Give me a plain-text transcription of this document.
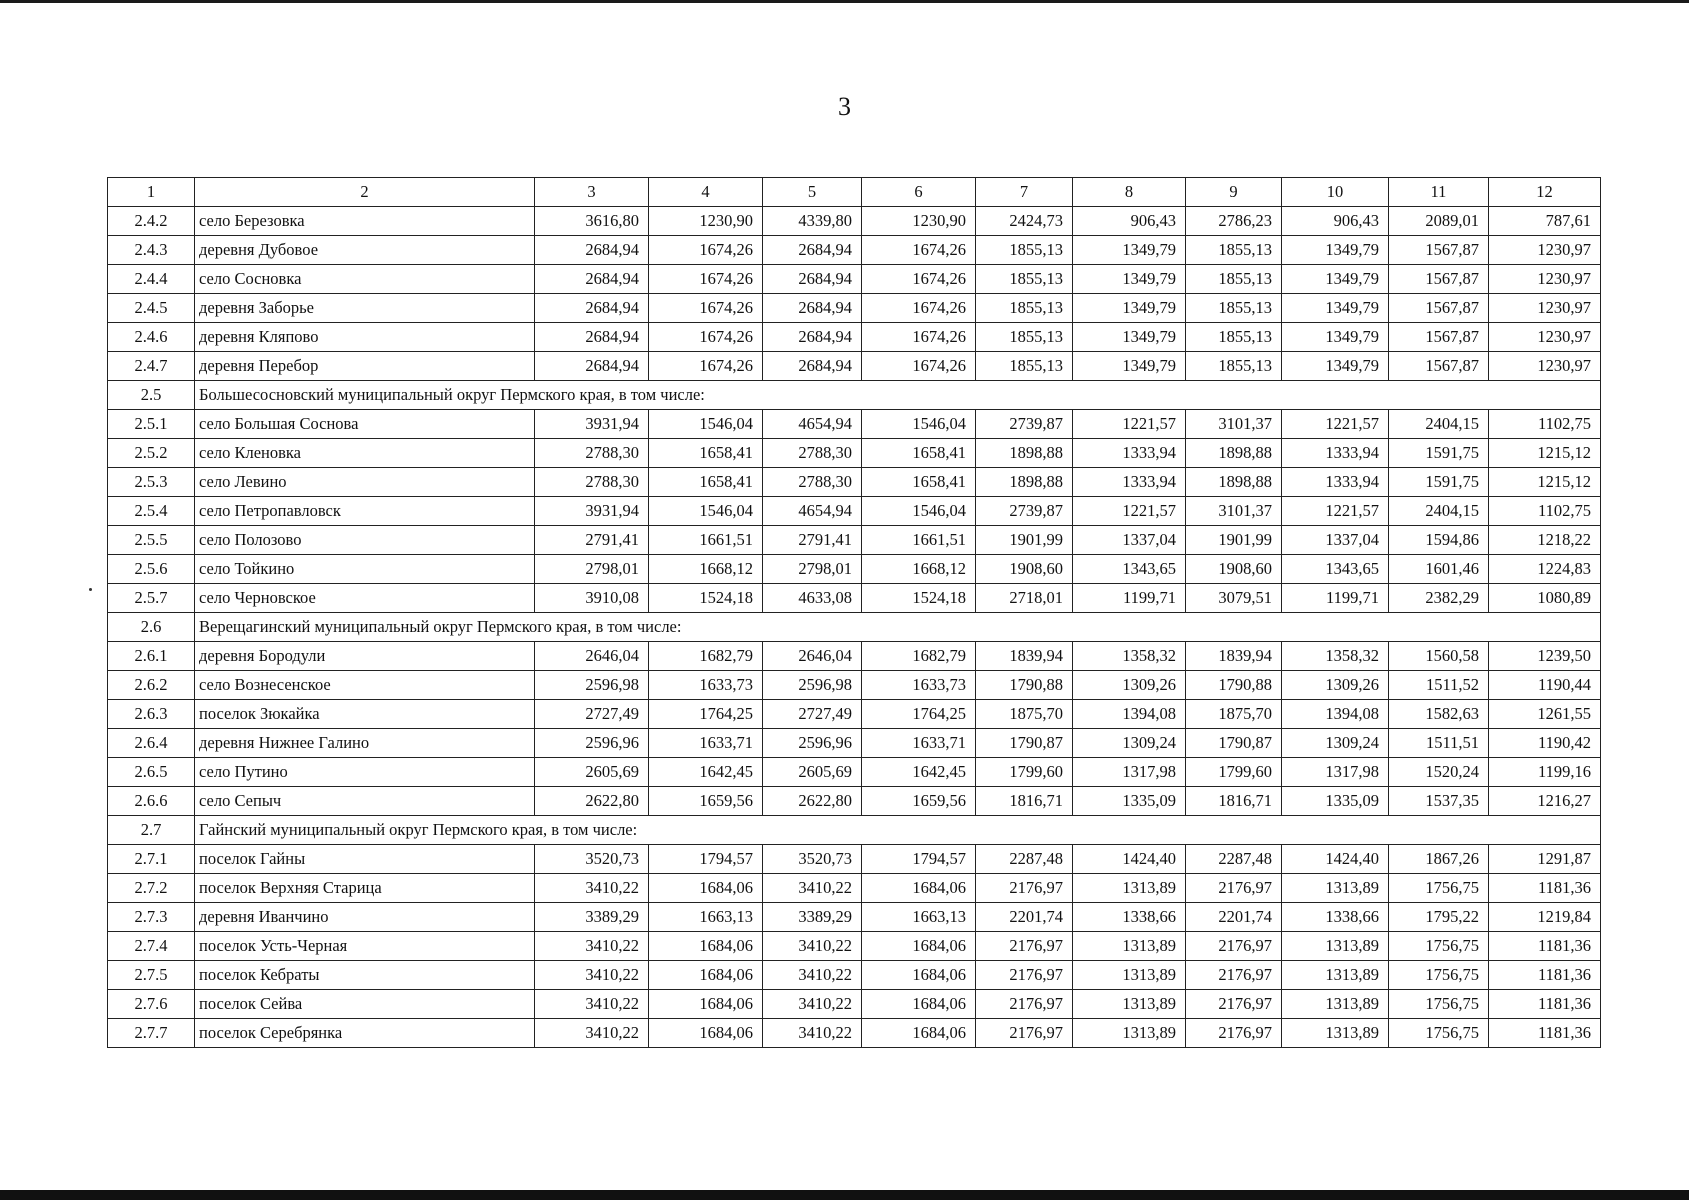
3
1	2	3	4	5	6	7	8	9	10	11	12
2.4.2	село Березовка	3616,80	1230,90	4339,80	1230,90	2424,73	906,43	2786,23	906,43	2089,01	787,61
2.4.3	деревня Дубовое	2684,94	1674,26	2684,94	1674,26	1855,13	1349,79	1855,13	1349,79	1567,87	1230,97
2.4.4	село Сосновка	2684,94	1674,26	2684,94	1674,26	1855,13	1349,79	1855,13	1349,79	1567,87	1230,97
2.4.5	деревня Заборье	2684,94	1674,26	2684,94	1674,26	1855,13	1349,79	1855,13	1349,79	1567,87	1230,97
2.4.6	деревня Кляпово	2684,94	1674,26	2684,94	1674,26	1855,13	1349,79	1855,13	1349,79	1567,87	1230,97
2.4.7	деревня Перебор	2684,94	1674,26	2684,94	1674,26	1855,13	1349,79	1855,13	1349,79	1567,87	1230,97
2.5	Большесосновский муниципальный округ Пермского края, в том числе:										
2.5.1	село Большая Соснова	3931,94	1546,04	4654,94	1546,04	2739,87	1221,57	3101,37	1221,57	2404,15	1102,75
2.5.2	село Кленовка	2788,30	1658,41	2788,30	1658,41	1898,88	1333,94	1898,88	1333,94	1591,75	1215,12
2.5.3	село Левино	2788,30	1658,41	2788,30	1658,41	1898,88	1333,94	1898,88	1333,94	1591,75	1215,12
2.5.4	село Петропавловск	3931,94	1546,04	4654,94	1546,04	2739,87	1221,57	3101,37	1221,57	2404,15	1102,75
2.5.5	село Полозово	2791,41	1661,51	2791,41	1661,51	1901,99	1337,04	1901,99	1337,04	1594,86	1218,22
2.5.6	село Тойкино	2798,01	1668,12	2798,01	1668,12	1908,60	1343,65	1908,60	1343,65	1601,46	1224,83
2.5.7	село Черновское	3910,08	1524,18	4633,08	1524,18	2718,01	1199,71	3079,51	1199,71	2382,29	1080,89
2.6	Верещагинский муниципальный округ Пермского края, в том числе:										
2.6.1	деревня Бородули	2646,04	1682,79	2646,04	1682,79	1839,94	1358,32	1839,94	1358,32	1560,58	1239,50
2.6.2	село Вознесенское	2596,98	1633,73	2596,98	1633,73	1790,88	1309,26	1790,88	1309,26	1511,52	1190,44
2.6.3	поселок Зюкайка	2727,49	1764,25	2727,49	1764,25	1875,70	1394,08	1875,70	1394,08	1582,63	1261,55
2.6.4	деревня Нижнее Галино	2596,96	1633,71	2596,96	1633,71	1790,87	1309,24	1790,87	1309,24	1511,51	1190,42
2.6.5	село Путино	2605,69	1642,45	2605,69	1642,45	1799,60	1317,98	1799,60	1317,98	1520,24	1199,16
2.6.6	село Сепыч	2622,80	1659,56	2622,80	1659,56	1816,71	1335,09	1816,71	1335,09	1537,35	1216,27
2.7	Гайнский муниципальный округ Пермского края, в том числе:										
2.7.1	поселок Гайны	3520,73	1794,57	3520,73	1794,57	2287,48	1424,40	2287,48	1424,40	1867,26	1291,87
2.7.2	поселок Верхняя Старица	3410,22	1684,06	3410,22	1684,06	2176,97	1313,89	2176,97	1313,89	1756,75	1181,36
2.7.3	деревня Иванчино	3389,29	1663,13	3389,29	1663,13	2201,74	1338,66	2201,74	1338,66	1795,22	1219,84
2.7.4	поселок Усть-Черная	3410,22	1684,06	3410,22	1684,06	2176,97	1313,89	2176,97	1313,89	1756,75	1181,36
2.7.5	поселок Кебраты	3410,22	1684,06	3410,22	1684,06	2176,97	1313,89	2176,97	1313,89	1756,75	1181,36
2.7.6	поселок Сейва	3410,22	1684,06	3410,22	1684,06	2176,97	1313,89	2176,97	1313,89	1756,75	1181,36
2.7.7	поселок Серебрянка	3410,22	1684,06	3410,22	1684,06	2176,97	1313,89	2176,97	1313,89	1756,75	1181,36
